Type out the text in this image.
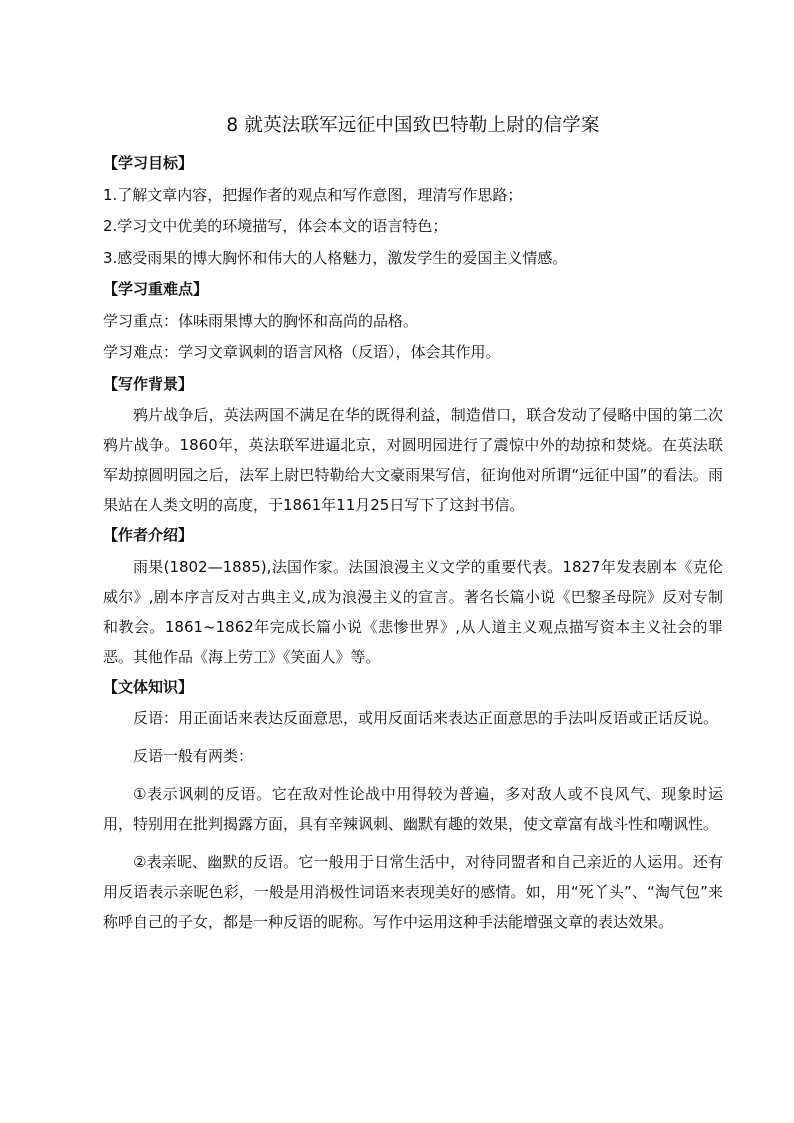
8 就英法联军远征中国致巴特勒上尉的信学案

【学习目标】

1.了解文章内容，把握作者的观点和写作意图，理清写作思路；

2.学习文中优美的环境描写，体会本文的语言特色；

3.感受雨果的博大胸怀和伟大的人格魅力，激发学生的爱国主义情感。

【学习重难点】

学习重点：体味雨果博大的胸怀和高尚的品格。

学习难点：学习文章讽刺的语言风格（反语），体会其作用。

【写作背景】

鸦片战争后，英法两国不满足在华的既得利益，制造借口，联合发动了侵略中国的第二次鸦片战争。1860年，英法联军进逼北京，对圆明园进行了震惊中外的劫掠和焚烧。在英法联军劫掠圆明园之后，法军上尉巴特勒给大文豪雨果写信，征询他对所谓“远征中国”的看法。雨果站在人类文明的高度，于1861年11月25日写下了这封书信。

【作者介绍】

雨果(1802—1885),法国作家。法国浪漫主义文学的重要代表。1827年发表剧本《克伦威尔》,剧本序言反对古典主义,成为浪漫主义的宣言。著名长篇小说《巴黎圣母院》反对专制和教会。1861~1862年完成长篇小说《悲惨世界》,从人道主义观点描写资本主义社会的罪恶。其他作品《海上劳工》《笑面人》等。

【文体知识】

反语：用正面话来表达反面意思，或用反面话来表达正面意思的手法叫反语或正话反说。

反语一般有两类：

①表示讽刺的反语。它在敌对性论战中用得较为普遍，多对敌人或不良风气、现象时运用，特别用在批判揭露方面，具有辛辣讽刺、幽默有趣的效果，使文章富有战斗性和嘲讽性。

②表亲昵、幽默的反语。它一般用于日常生活中，对待同盟者和自己亲近的人运用。还有用反语表示亲昵色彩，一般是用消极性词语来表现美好的感情。如，用“死丫头”、“淘气包”来称呼自己的子女，都是一种反语的昵称。写作中运用这种手法能增强文章的表达效果。
